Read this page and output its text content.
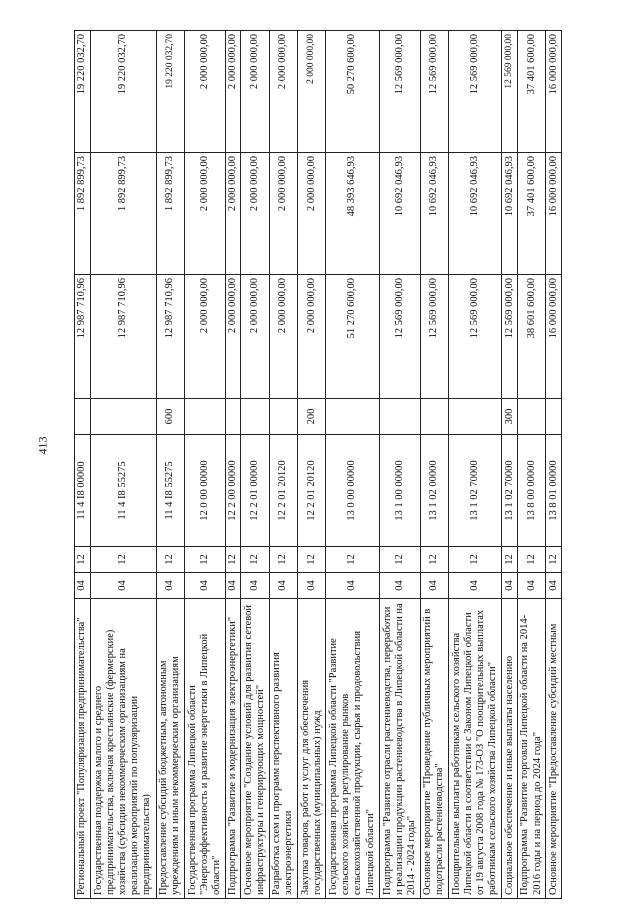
413
Региональный проект "Популяризация предпринимательства"	04	12	11 4 I8 00000		12 987 710,96	1 892 899,73	19 220 032,70
Государственная поддержка малого и среднего предпринимательства, включая крестьянские (фермерские) хозяйства (субсидии некоммерческим организациям на реализацию мероприятий по популяризации предпринимательства)	04	12	11 4 I8 55275		12 987 710,96	1 892 899,73	19 220 032,70
Предоставление субсидий бюджетным, автономным учреждениям и иным некоммерческим организациям	04	12	11 4 I8 55275	600	12 987 710,96	1 892 899,73	19 220 032,70
Государственная программа Липецкой области "Энергоэффективность и развитие энергетики в Липецкой области"	04	12	12 0 00 00000		2 000 000,00	2 000 000,00	2 000 000,00
Подпрограмма "Развитие и модернизация электроэнергетики"	04	12	12 2 00 00000		2 000 000,00	2 000 000,00	2 000 000,00
Основное мероприятие "Создание условий для развития сетевой инфраструктуры и генерирующих мощностей"	04	12	12 2 01 00000		2 000 000,00	2 000 000,00	2 000 000,00
Разработка схем и программ перспективного развития электроэнергетики	04	12	12 2 01 20120		2 000 000,00	2 000 000,00	2 000 000,00
Закупка товаров, работ и услуг для обеспечения государственных (муниципальных) нужд	04	12	12 2 01 20120	200	2 000 000,00	2 000 000,00	2 000 000,00
Государственная программа Липецкой области "Развитие сельского хозяйства и регулирование рынков сельскохозяйственной продукции, сырья и продовольствия Липецкой области"	04	12	13 0 00 00000		51 270 600,00	48 393 646,93	50 270 600,00
Подпрограмма "Развитие отрасли растениеводства, переработки и реализации продукции растениеводства в Липецкой области на 2014 - 2024 годы"	04	12	13 1 00 00000		12 569 000,00	10 692 046,93	12 569 000,00
Основное мероприятие "Проведение публичных мероприятий в подотрасли растениеводства"	04	12	13 1 02 00000		12 569 000,00	10 692 046,93	12 569 000,00
Поощрительные выплаты работникам сельского хозяйства Липецкой области в соответствии с Законом Липецкой области от 19 августа 2008 года № 173-ОЗ "О поощрительных выплатах работникам сельского хозяйства Липецкой области"	04	12	13 1 02 70000		12 569 000,00	10 692 046,93	12 569 000,00
Социальное обеспечение и иные выплаты населению	04	12	13 1 02 70000	300	12 569 000,00	10 692 046,93	12 569 000,00
Подпрограмма "Развитие торговли Липецкой области на 2014-2016 годы и на период до 2024 года"	04	12	13 8 00 00000		38 601 600,00	37 401 600,00	37 401 600,00
Основное мероприятие "Предоставление субсидий местным	04	12	13 8 01 00000		16 000 000,00	16 000 000,00	16 000 000,00
